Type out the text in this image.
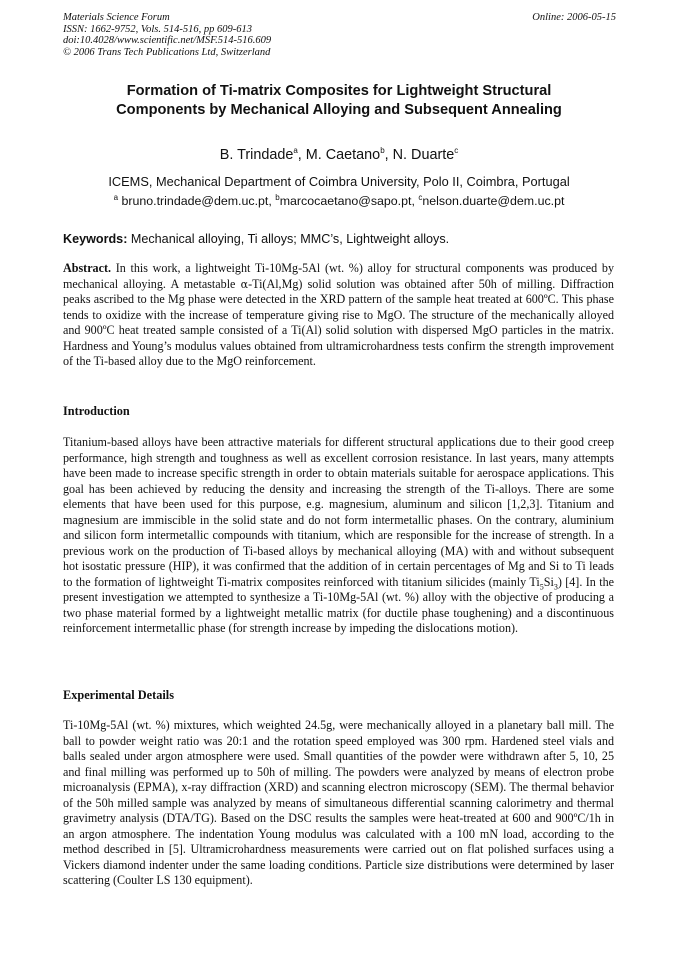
Materials Science Forum
ISSN: 1662-9752, Vols. 514-516, pp 609-613
doi:10.4028/www.scientific.net/MSF.514-516.609
© 2006 Trans Tech Publications Ltd, Switzerland
Online: 2006-05-15
Formation of Ti-matrix Composites for Lightweight Structural
Components by Mechanical Alloying and Subsequent Annealing
B. Trindade$^a$, M. Caetano$^b$, N. Duarte$^c$
ICEMS, Mechanical Department of Coimbra University, Polo II, Coimbra, Portugal
$^a$ bruno.trindade@dem.uc.pt, $^b$marcocaetano@sapo.pt, $^c$nelson.duarte@dem.uc.pt
Keywords: Mechanical alloying, Ti alloys; MMC’s, Lightweight alloys.
Abstract. In this work, a lightweight Ti-10Mg-5Al (wt. %) alloy for structural components was produced by mechanical alloying. A metastable α-Ti(Al,Mg) solid solution was obtained after 50h of milling. Diffraction peaks ascribed to the Mg phase were detected in the XRD pattern of the sample heat treated at 600ºC. This phase tends to oxidize with the increase of temperature giving rise to MgO. The structure of the mechanically alloyed and 900ºC heat treated sample consisted of a Ti(Al) solid solution with dispersed MgO particles in the matrix. Hardness and Young’s modulus values obtained from ultramicrohardness tests confirm the strength improvement of the Ti-based alloy due to the MgO reinforcement.
Introduction
Titanium-based alloys have been attractive materials for different structural applications due to their good creep performance, high strength and toughness as well as excellent corrosion resistance. In last years, many attempts have been made to increase specific strength in order to obtain materials suitable for aerospace applications. This goal has been achieved by reducing the density and increasing the strength of the Ti-alloys. There are some elements that have been used for this purpose, e.g. magnesium, aluminum and silicon [1,2,3]. Titanium and magnesium are immiscible in the solid state and do not form intermetallic phases. On the contrary, aluminium and silicon form intermetallic compounds with titanium, which are responsible for the increase of strength. In a previous work on the production of Ti-based alloys by mechanical alloying (MA) with and without subsequent hot isostatic pressure (HIP), it was confirmed that the addition of in certain percentages of Mg and Si to Ti leads to the formation of lightweight Ti-matrix composites reinforced with titanium silicides (mainly $Ti_5Si_3$) [4]. In the present investigation we attempted to synthesize a Ti-10Mg-5Al (wt. %) alloy with the objective of producing a two phase material formed by a lightweight metallic matrix (for ductile phase toughening) and a discontinuous reinforcement intermetallic phase (for strength increase by impeding the dislocations motion).
Experimental Details
Ti-10Mg-5Al (wt. %) mixtures, which weighted 24.5g, were mechanically alloyed in a planetary ball mill. The ball to powder weight ratio was 20:1 and the rotation speed employed was 300 rpm. Hardened steel vials and balls sealed under argon atmosphere were used. Small quantities of the powder were withdrawn after 5, 10, 25 and final milling was performed up to 50h of milling. The powders were analyzed by means of electron probe microanalysis (EPMA), x-ray diffraction (XRD) and scanning electron microscopy (SEM). The thermal behavior of the 50h milled sample was analyzed by means of simultaneous differential scanning calorimetry and thermal gravimetry analysis (DTA/TG). Based on the DSC results the samples were heat-treated at 600 and 900ºC/1h in an argon atmosphere. The indentation Young modulus was calculated with a 100 mN load, according to the method described in [5]. Ultramicrohardness measurements were carried out on flat polished surfaces using a Vickers diamond indenter under the same loading conditions. Particle size distributions were determined by laser scattering (Coulter LS 130 equipment).
